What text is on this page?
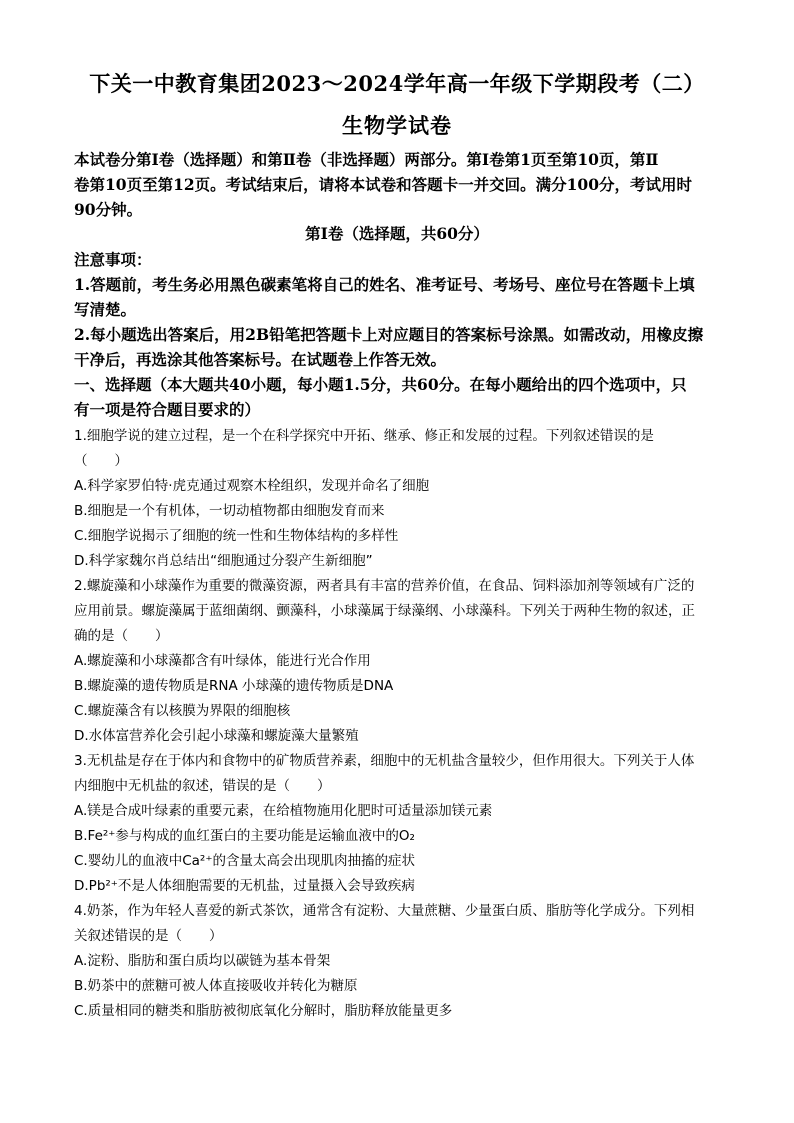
下关一中教育集团2023～2024学年高一年级下学期段考（二）
生物学试卷
本试卷分第Ⅰ卷（选择题）和第Ⅱ卷（非选择题）两部分。第Ⅰ卷第1页至第10页，第Ⅱ
卷第10页至第12页。考试结束后，请将本试卷和答题卡一并交回。满分100分，考试用时
90分钟。
第Ⅰ卷（选择题，共60分）
注意事项：
1.答题前，考生务必用黑色碳素笔将自己的姓名、准考证号、考场号、座位号在答题卡上填
写清楚。
2.每小题选出答案后，用2B铅笔把答题卡上对应题目的答案标号涂黑。如需改动，用橡皮擦
干净后，再选涂其他答案标号。在试题卷上作答无效。
一、选择题（本大题共40小题，每小题1.5分，共60分。在每小题给出的四个选项中，只
有一项是符合题目要求的）
1.细胞学说的建立过程，是一个在科学探究中开拓、继承、修正和发展的过程。下列叙述错误的是
（　　）
A.科学家罗伯特·虎克通过观察木栓组织，发现并命名了细胞
B.细胞是一个有机体，一切动植物都由细胞发育而来
C.细胞学说揭示了细胞的统一性和生物体结构的多样性
D.科学家魏尔肖总结出“细胞通过分裂产生新细胞”
2.螺旋藻和小球藻作为重要的微藻资源，两者具有丰富的营养价值，在食品、饲料添加剂等领域有广泛的
应用前景。螺旋藻属于蓝细菌纲、颤藻科，小球藻属于绿藻纲、小球藻科。下列关于两种生物的叙述，正
确的是（　　）
A.螺旋藻和小球藻都含有叶绿体，能进行光合作用
B.螺旋藻的遗传物质是RNA 小球藻的遗传物质是DNA
C.螺旋藻含有以核膜为界限的细胞核
D.水体富营养化会引起小球藻和螺旋藻大量繁殖
3.无机盐是存在于体内和食物中的矿物质营养素，细胞中的无机盐含量较少，但作用很大。下列关于人体
内细胞中无机盐的叙述，错误的是（　　）
A.镁是合成叶绿素的重要元素，在给植物施用化肥时可适量添加镁元素
B.Fe²⁺参与构成的血红蛋白的主要功能是运输血液中的O₂
C.婴幼儿的血液中Ca²⁺的含量太高会出现肌肉抽搐的症状
D.Pb²⁺不是人体细胞需要的无机盐，过量摄入会导致疾病
4.奶茶，作为年轻人喜爱的新式茶饮，通常含有淀粉、大量蔗糖、少量蛋白质、脂肪等化学成分。下列相
关叙述错误的是（　　）
A.淀粉、脂肪和蛋白质均以碳链为基本骨架
B.奶茶中的蔗糖可被人体直接吸收并转化为糖原
C.质量相同的糖类和脂肪被彻底氧化分解时，脂肪释放能量更多
